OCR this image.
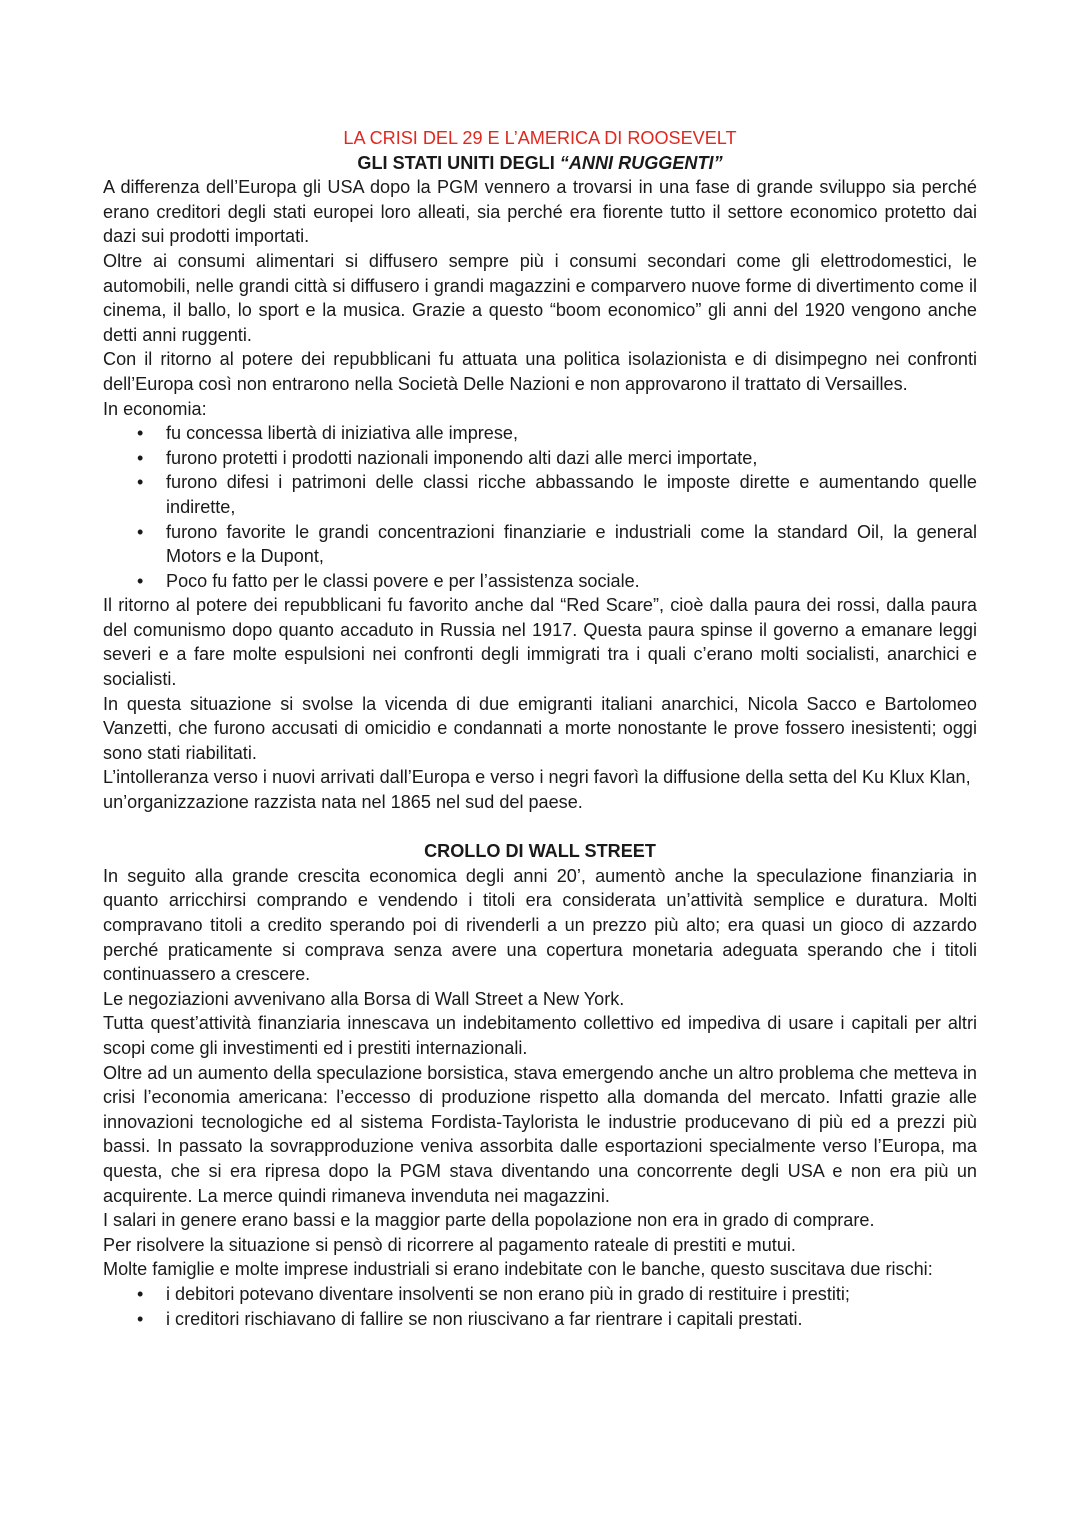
LA CRISI DEL 29 E L’AMERICA DI ROOSEVELT
GLI STATI UNITI DEGLI “ANNI RUGGENTI”

A differenza dell’Europa gli USA dopo la PGM vennero a trovarsi in una fase di grande sviluppo sia perché erano creditori degli stati europei loro alleati, sia perché era fiorente tutto il settore economico protetto dai dazi sui prodotti importati.

Oltre ai consumi alimentari si diffusero sempre più i consumi secondari come gli elettrodomestici, le automobili, nelle grandi città si diffusero i grandi magazzini e comparvero nuove forme di divertimento come il cinema, il ballo, lo sport e la musica. Grazie a questo “boom economico” gli anni del 1920 vengono anche detti anni ruggenti.

Con il ritorno al potere dei repubblicani fu attuata una politica isolazionista e di disimpegno nei confronti dell’Europa così non entrarono nella Società Delle Nazioni e non approvarono il trattato di Versailles.

In economia:

• fu concessa libertà di iniziativa alle imprese,
• furono protetti i prodotti nazionali imponendo alti dazi alle merci importate,
• furono difesi i patrimoni delle classi ricche abbassando le imposte dirette e aumentando quelle indirette,
• furono favorite le grandi concentrazioni finanziarie e industriali come la standard Oil, la general Motors e la Dupont,
• Poco fu fatto per le classi povere e per l’assistenza sociale.

Il ritorno al potere dei repubblicani fu favorito anche dal “Red Scare”, cioè dalla paura dei rossi, dalla paura del comunismo dopo quanto accaduto in Russia nel 1917. Questa paura spinse il governo a emanare leggi severi e a fare molte espulsioni nei confronti degli immigrati tra i quali c’erano molti socialisti, anarchici e socialisti.

In questa situazione si svolse la vicenda di due emigranti italiani anarchici, Nicola Sacco e Bartolomeo Vanzetti, che furono accusati di omicidio e condannati a morte nonostante le prove fossero inesistenti; oggi sono stati riabilitati.

L’intolleranza verso i nuovi arrivati dall’Europa e verso i negri favorì la diffusione della setta del Ku Klux Klan, un’organizzazione razzista nata nel 1865 nel sud del paese.

CROLLO DI WALL STREET

In seguito alla grande crescita economica degli anni 20’, aumentò anche la speculazione finanziaria in quanto arricchirsi comprando e vendendo i titoli era considerata un’attività semplice e duratura. Molti compravano titoli a credito sperando poi di rivenderli a un prezzo più alto; era quasi un gioco di azzardo perché praticamente si comprava senza avere una copertura monetaria adeguata sperando che i titoli continuassero a crescere.

Le negoziazioni avvenivano alla Borsa di Wall Street a New York.

Tutta quest’attività finanziaria innescava un indebitamento collettivo ed impediva di usare i capitali per altri scopi come gli investimenti ed i prestiti internazionali.

Oltre ad un aumento della speculazione borsistica, stava emergendo anche un altro problema che metteva in crisi l’economia americana: l’eccesso di produzione rispetto alla domanda del mercato. Infatti grazie alle innovazioni tecnologiche ed al sistema Fordista-Taylorista le industrie producevano di più ed a prezzi più bassi. In passato la sovrapproduzione veniva assorbita dalle esportazioni specialmente verso l’Europa, ma questa, che si era ripresa dopo la PGM stava diventando una concorrente degli USA e non era più un acquirente. La merce quindi rimaneva invenduta nei magazzini.

I salari in genere erano bassi e la maggior parte della popolazione non era in grado di comprare.

Per risolvere la situazione si pensò di ricorrere al pagamento rateale di prestiti e mutui.

Molte famiglie e molte imprese industriali si erano indebitate con le banche, questo suscitava due rischi:

• i debitori potevano diventare insolventi se non erano più in grado di restituire i prestiti;
• i creditori rischiavano di fallire se non riuscivano a far rientrare i capitali prestati.
